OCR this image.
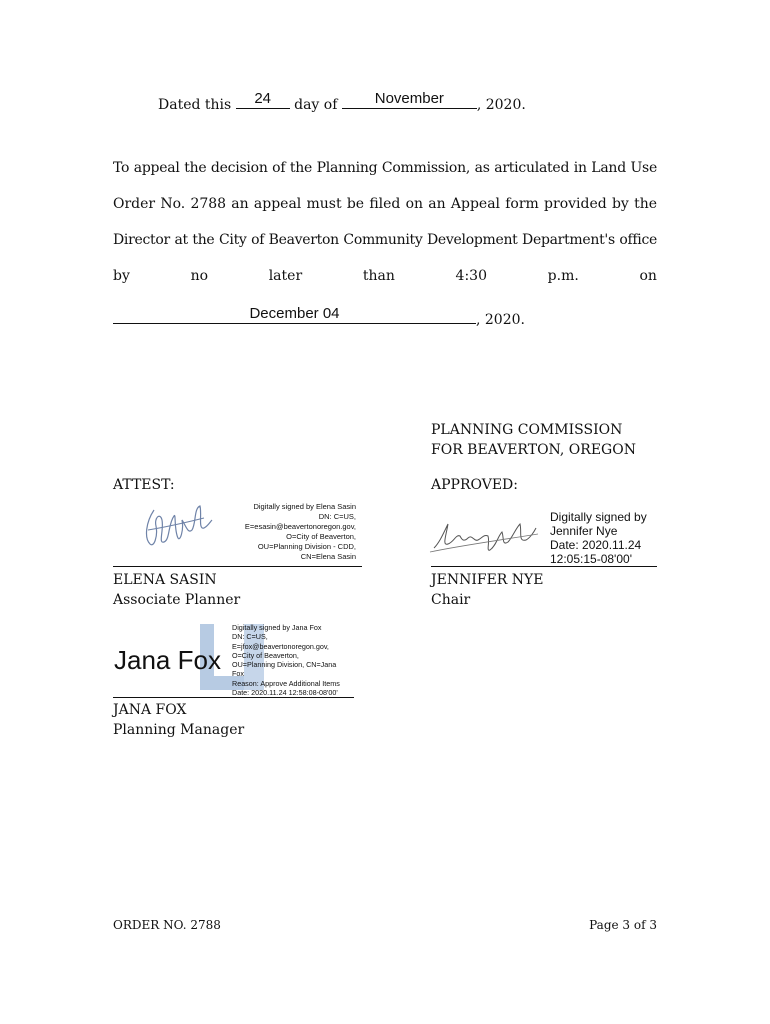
Dated this	24	day of	November	, 2020.
To appeal the decision of the Planning Commission, as articulated in Land Use
Order No. 2788 an appeal must be filed on an Appeal form provided by the
Director at the City of Beaverton Community Development Department's office
by	no	later	than	4:30	p.m.	on
December 04	, 2020.
PLANNING COMMISSION
FOR BEAVERTON, OREGON
ATTEST:	APPROVED:
Digitally signed by Elena Sasin
DN: C=US,
E=esasin@beavertonoregon.gov,
O=City of Beaverton,
OU=Planning Division - CDD,
CN=Elena Sasin
ELENA SASIN
Associate Planner
Digitally signed by
Jennifer Nye
Date: 2020.11.24
12:05:15-08'00'
JENNIFER NYE
Chair
Jana Fox
Digitally signed by Jana Fox
DN: C=US,
E=jfox@beavertonoregon.gov,
O=City of Beaverton,
OU=Planning Division, CN=Jana
Fox
Reason: Approve Additional Items
Date: 2020.11.24 12:58:08-08'00'
JANA FOX
Planning Manager
ORDER NO. 2788	Page 3 of 3
